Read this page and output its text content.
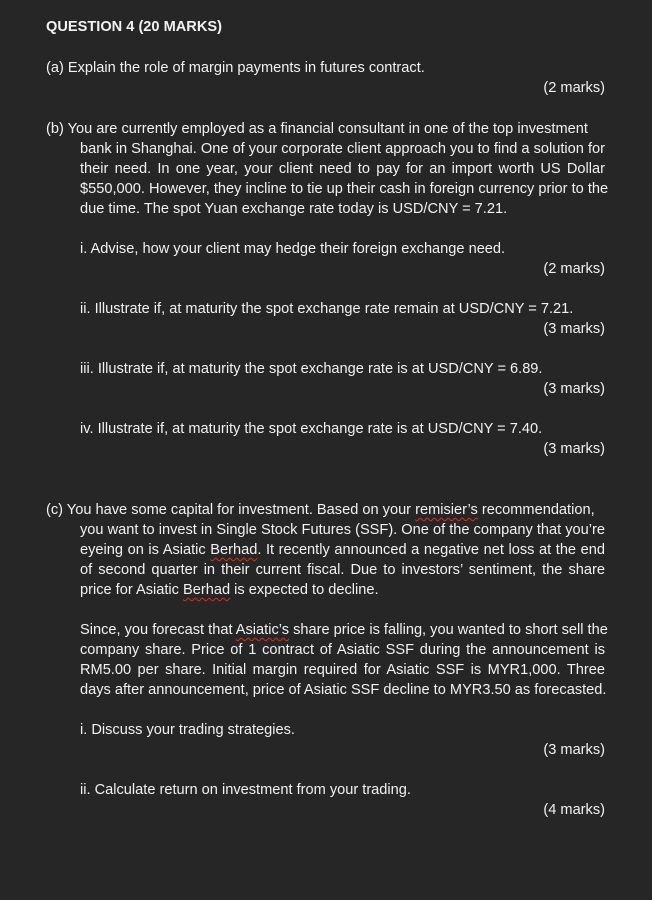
QUESTION 4 (20 MARKS)
(a) Explain the role of margin payments in futures contract.
(2 marks)
(b) You are currently employed as a financial consultant in one of the top investment
bank in Shanghai. One of your corporate client approach you to find a solution for
their need. In one year, your client need to pay for an import worth US Dollar
$550,000. However, they incline to tie up their cash in foreign currency prior to the
due time. The spot Yuan exchange rate today is USD/CNY = 7.21.
i. Advise, how your client may hedge their foreign exchange need.
(2 marks)
ii. Illustrate if, at maturity the spot exchange rate remain at USD/CNY = 7.21.
(3 marks)
iii. Illustrate if, at maturity the spot exchange rate is at USD/CNY = 6.89.
(3 marks)
iv. Illustrate if, at maturity the spot exchange rate is at USD/CNY = 7.40.
(3 marks)
(c) You have some capital for investment. Based on your remisier’s recommendation,
you want to invest in Single Stock Futures (SSF). One of the company that you’re
eyeing on is Asiatic Berhad. It recently announced a negative net loss at the end
of second quarter in their current fiscal. Due to investors’ sentiment, the share
price for Asiatic Berhad is expected to decline.
Since, you forecast that Asiatic’s share price is falling, you wanted to short sell the
company share. Price of 1 contract of Asiatic SSF during the announcement is
RM5.00 per share. Initial margin required for Asiatic SSF is MYR1,000. Three
days after announcement, price of Asiatic SSF decline to MYR3.50 as forecasted.
i. Discuss your trading strategies.
(3 marks)
ii. Calculate return on investment from your trading.
(4 marks)
